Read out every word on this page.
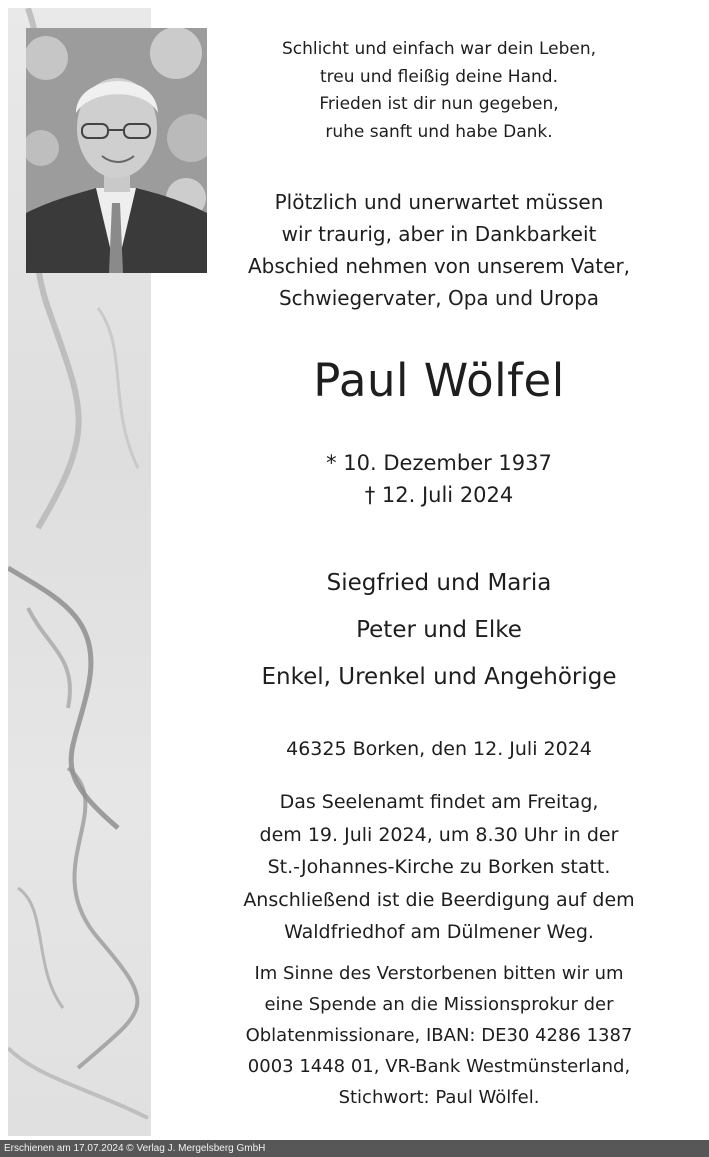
Schlicht und einfach war dein Leben,
treu und fleißig deine Hand.
Frieden ist dir nun gegeben,
ruhe sanft und habe Dank.
Plötzlich und unerwartet müssen
wir traurig, aber in Dankbarkeit
Abschied nehmen von unserem Vater,
Schwiegervater, Opa und Uropa
Paul Wölfel
* 10. Dezember 1937
† 12. Juli 2024
Siegfried und Maria
Peter und Elke
Enkel, Urenkel und Angehörige
46325 Borken, den 12. Juli 2024
Das Seelenamt findet am Freitag,
dem 19. Juli 2024, um 8.30 Uhr in der
St.-Johannes-Kirche zu Borken statt.
Anschließend ist die Beerdigung auf dem
Waldfriedhof am Dülmener Weg.
Im Sinne des Verstorbenen bitten wir um
eine Spende an die Missionsprokur der
Oblatenmissionare, IBAN: DE30 4286 1387
0003 1448 01, VR-Bank Westmünsterland,
Stichwort: Paul Wölfel.
Erschienen am 17.07.2024 © Verlag J. Mergelsberg GmbH
